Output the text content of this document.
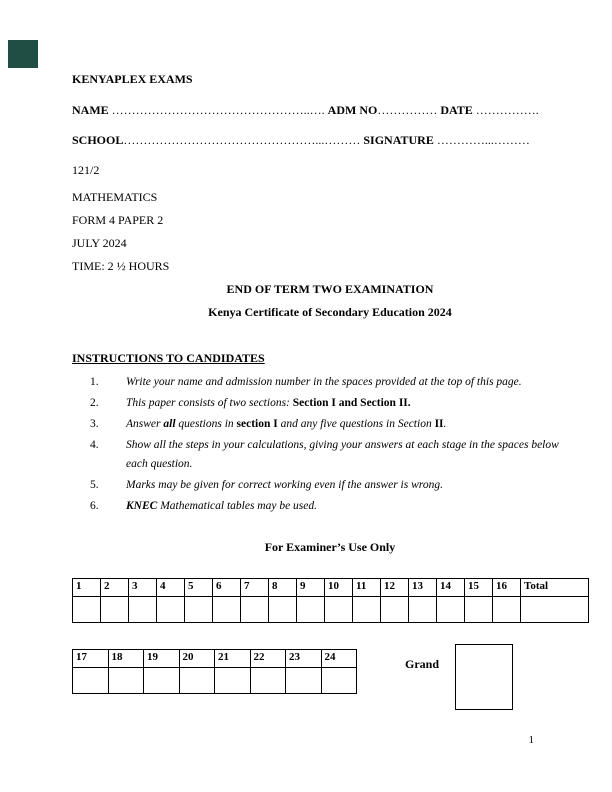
KENYAPLEX EXAMS

NAME …………………………………………..…. ADM NO…………… DATE …………….

SCHOOL…………………………………………...……… SIGNATURE …………...………

121/2

MATHEMATICS

FORM 4 PAPER 2

JULY 2024

TIME: 2 ½ HOURS

END OF TERM TWO EXAMINATION

Kenya Certificate of Secondary Education 2024

INSTRUCTIONS TO CANDIDATES

1.	Write your name and admission number in the spaces provided at the top of this page.
2.	This paper consists of two sections: Section I and Section II.
3.	Answer all questions in section I and any five questions in Section II.
4.	Show all the steps in your calculations, giving your answers at each stage in the spaces below each question.
5.	Marks may be given for correct working even if the answer is wrong.
6.	KNEC Mathematical tables may be used.

For Examiner’s Use Only

1	2	3	4	5	6	7	8	9	10	11	12	13	14	15	16	Total

17	18	19	20	21	22	23	24
								Grand
1
